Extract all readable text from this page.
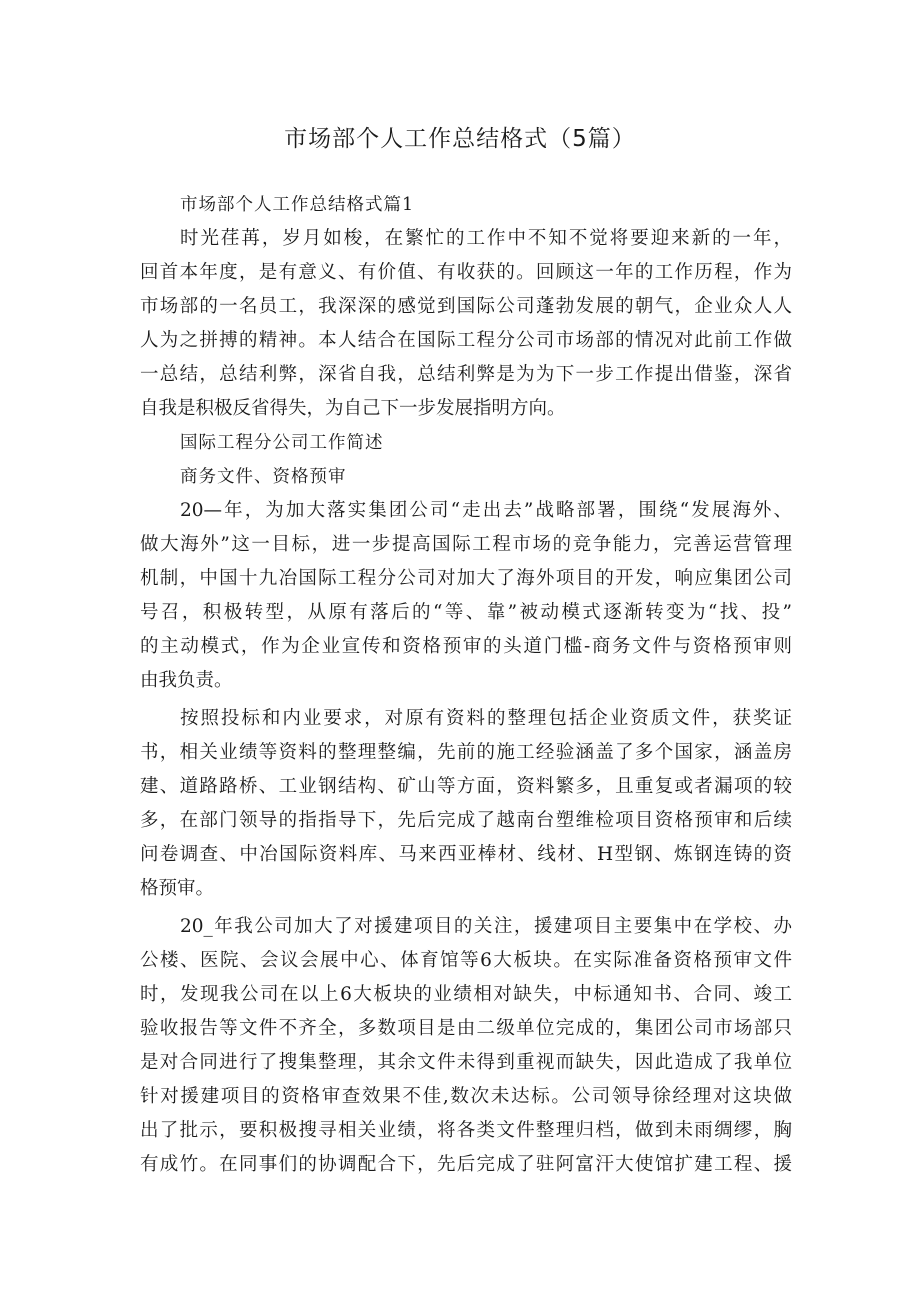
市场部个人工作总结格式（5篇）
市场部个人工作总结格式篇1
时光荏苒，岁月如梭，在繁忙的工作中不知不觉将要迎来新的一年，
回首本年度，是有意义、有价值、有收获的。回顾这一年的工作历程，作为
市场部的一名员工，我深深的感觉到国际公司蓬勃发展的朝气，企业众人人
人为之拼搏的精神。本人结合在国际工程分公司市场部的情况对此前工作做
一总结，总结利弊，深省自我，总结利弊是为为下一步工作提出借鉴，深省
自我是积极反省得失，为自己下一步发展指明方向。
国际工程分公司工作简述
商务文件、资格预审
20—年，为加大落实集团公司“走出去”战略部署，围绕“发展海外、
做大海外”这一目标，进一步提高国际工程市场的竞争能力，完善运营管理
机制，中国十九冶国际工程分公司对加大了海外项目的开发，响应集团公司
号召，积极转型，从原有落后的“等、靠”被动模式逐渐转变为“找、投”
的主动模式，作为企业宣传和资格预审的头道门槛-商务文件与资格预审则
由我负责。
按照投标和内业要求，对原有资料的整理包括企业资质文件，获奖证
书，相关业绩等资料的整理整编，先前的施工经验涵盖了多个国家，涵盖房
建、道路路桥、工业钢结构、矿山等方面，资料繁多，且重复或者漏项的较
多，在部门领导的指指导下，先后完成了越南台塑维检项目资格预审和后续
问卷调查、中冶国际资料库、马来西亚棒材、线材、H型钢、炼钢连铸的资
格预审。
20_年我公司加大了对援建项目的关注，援建项目主要集中在学校、办
公楼、医院、会议会展中心、体育馆等6大板块。在实际准备资格预审文件
时，发现我公司在以上6大板块的业绩相对缺失，中标通知书、合同、竣工
验收报告等文件不齐全，多数项目是由二级单位完成的，集团公司市场部只
是对合同进行了搜集整理，其余文件未得到重视而缺失，因此造成了我单位
针对援建项目的资格审查效果不佳,数次未达标。公司领导徐经理对这块做
出了批示，要积极搜寻相关业绩，将各类文件整理归档，做到未雨绸缪，胸
有成竹。在同事们的协调配合下，先后完成了驻阿富汗大使馆扩建工程、援
